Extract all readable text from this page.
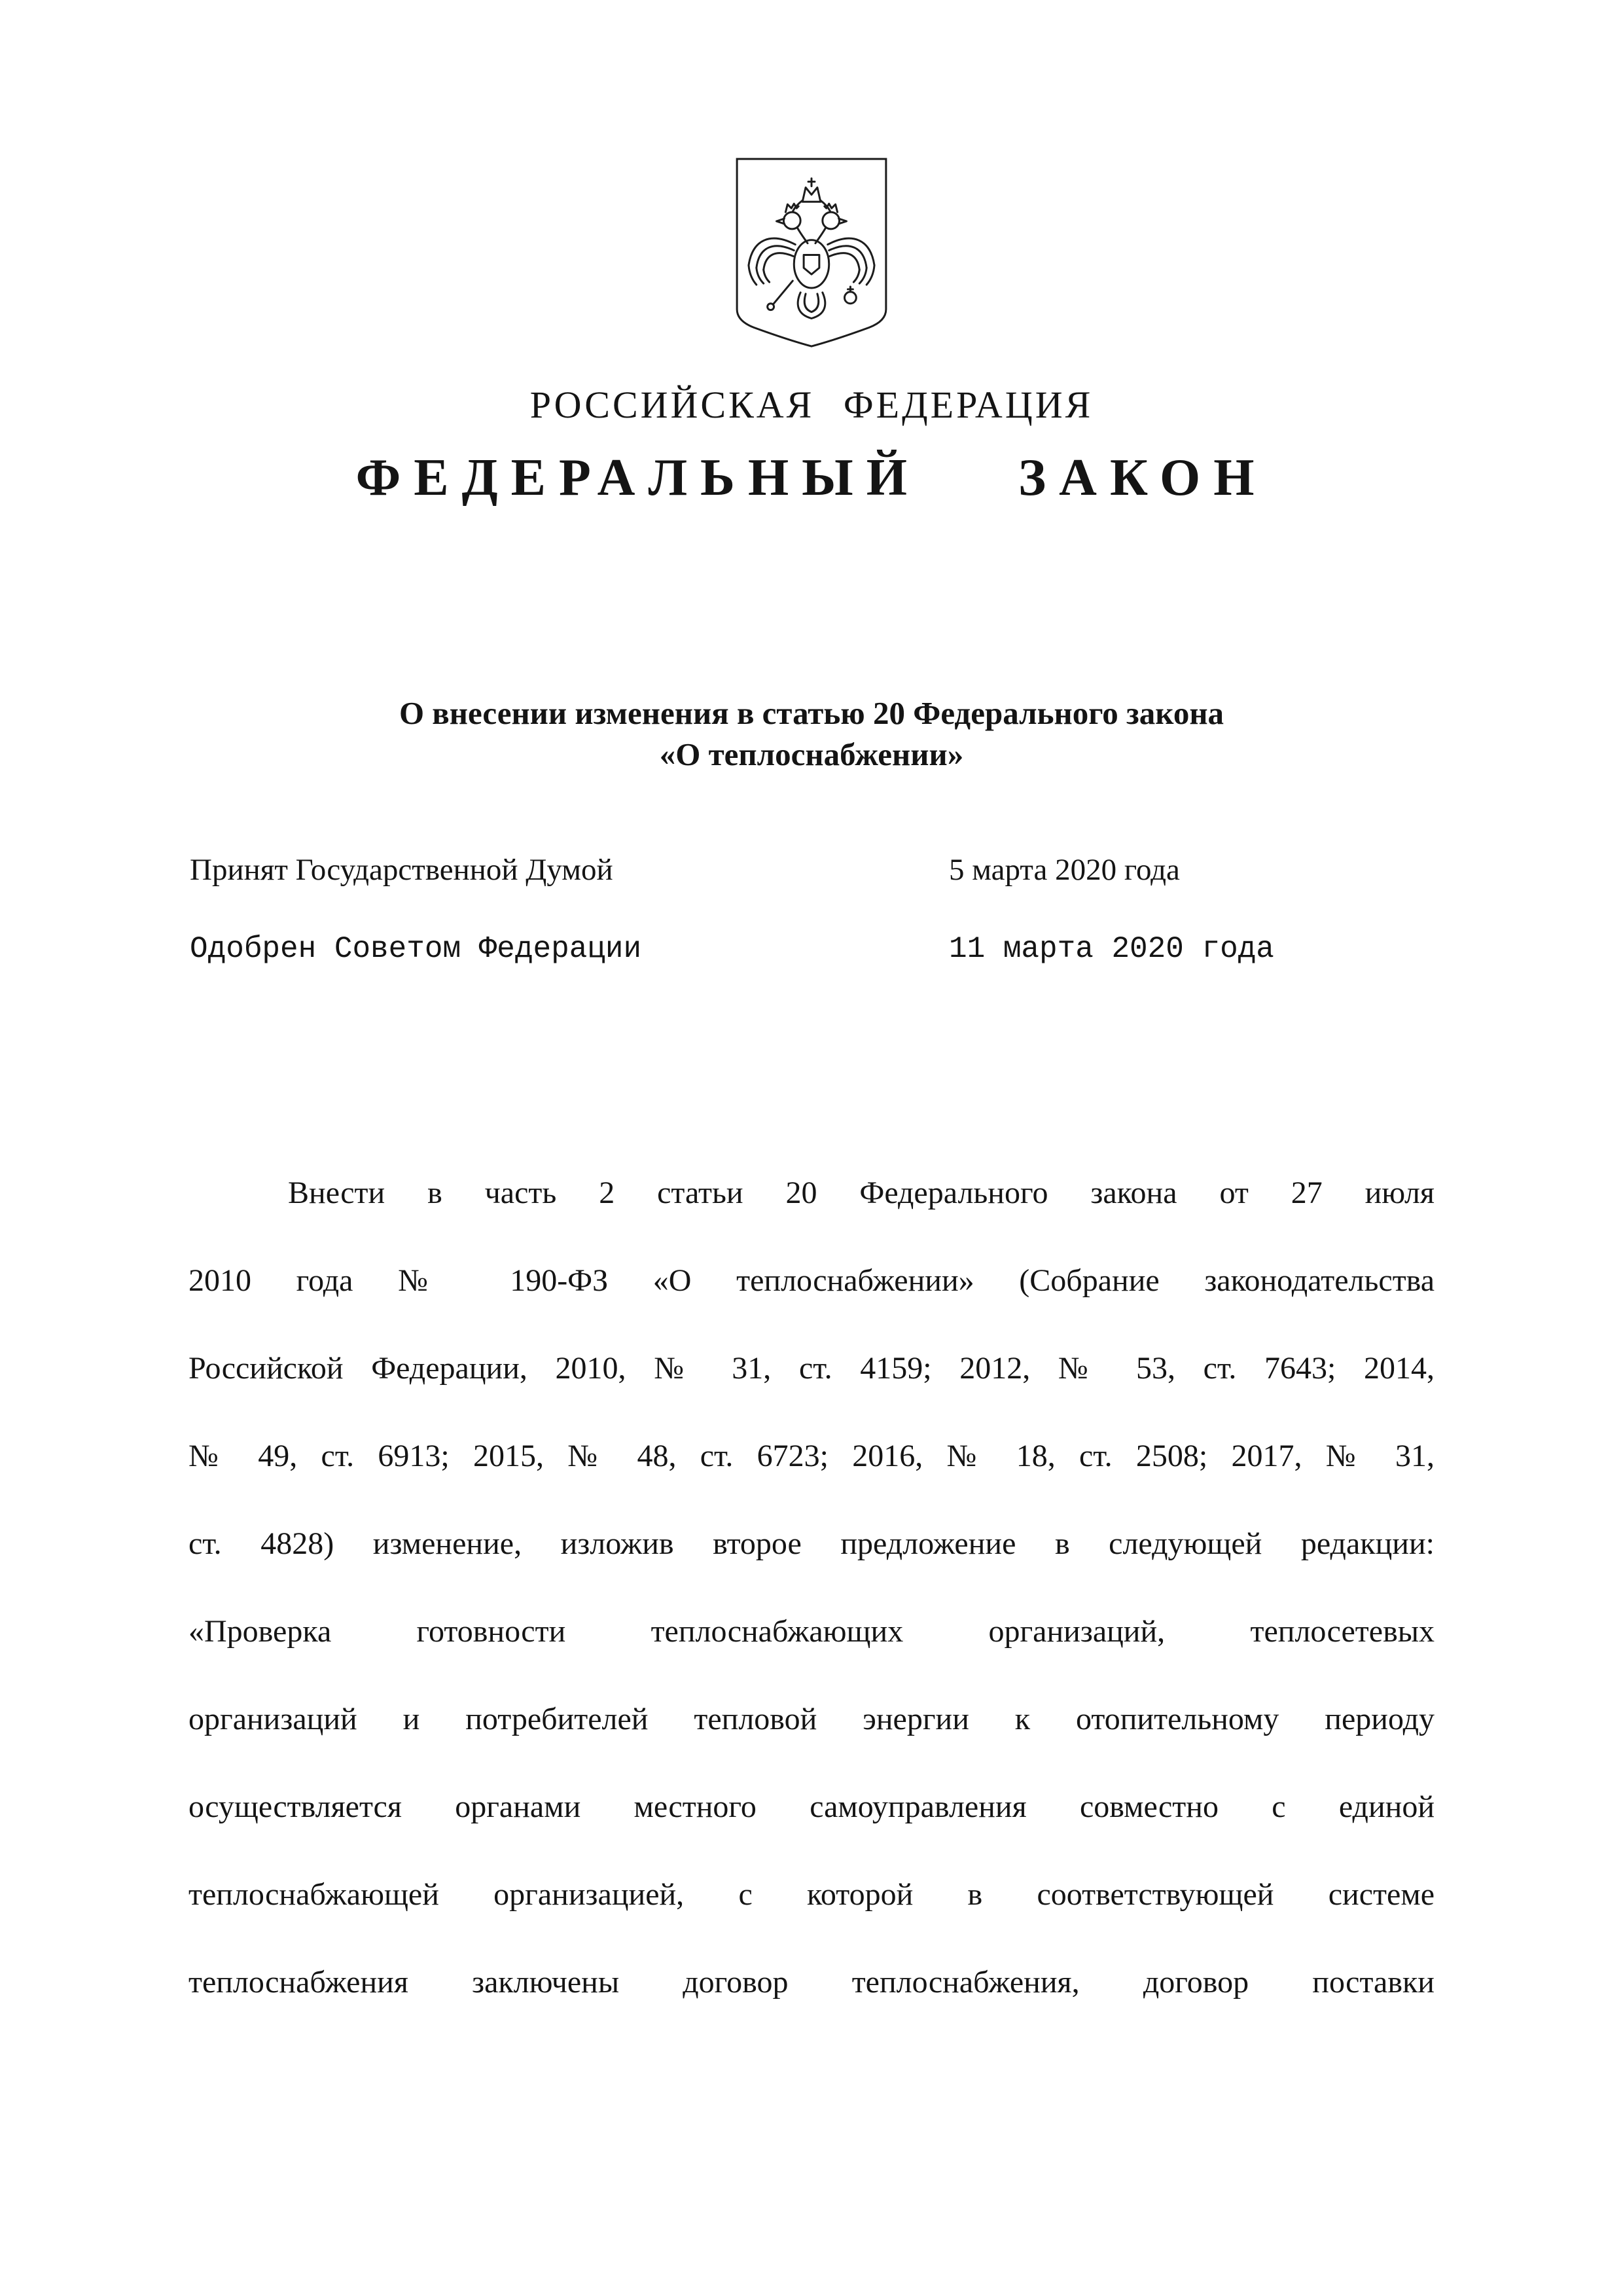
РОССИЙСКАЯ ФЕДЕРАЦИЯ
ФЕДЕРАЛЬНЫЙ ЗАКОН
О внесении изменения в статью 20 Федерального закона
«О теплоснабжении»
Принят Государственной Думой	5 марта 2020 года
Одобрен Советом Федерации	11 марта 2020 года
Внести в часть 2 статьи 20 Федерального закона от 27 июля
2010 года № 190-ФЗ «О теплоснабжении» (Собрание законодательства
Российской Федерации, 2010, № 31, ст. 4159; 2012, № 53, ст. 7643; 2014,
№ 49, ст. 6913; 2015, № 48, ст. 6723; 2016, № 18, ст. 2508; 2017, № 31,
ст. 4828) изменение, изложив второе предложение в следующей редакции:
«Проверка готовности теплоснабжающих организаций, теплосетевых
организаций и потребителей тепловой энергии к отопительному периоду
осуществляется органами местного самоуправления совместно с единой
теплоснабжающей организацией, с которой в соответствующей системе
теплоснабжения заключены договор теплоснабжения, договор поставки
